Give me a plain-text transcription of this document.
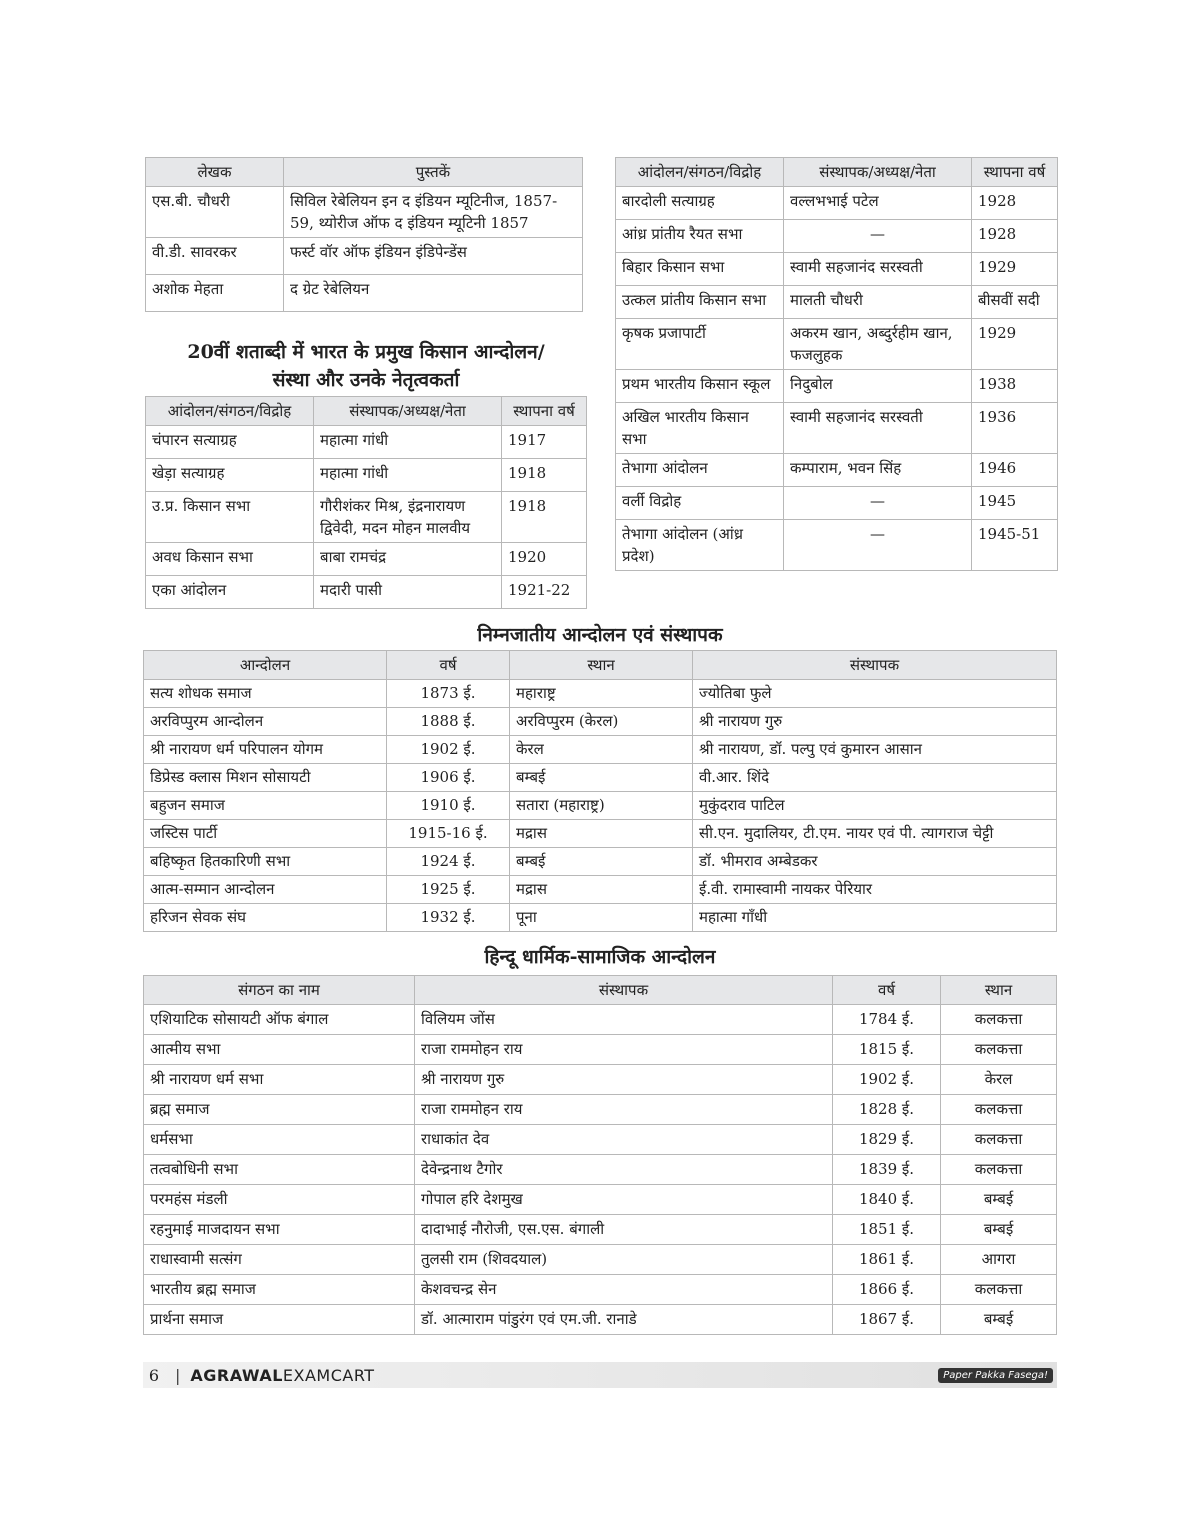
लेखक	पुस्तकें
एस.बी. चौधरी	सिविल रेबेलियन इन द इंडियन म्यूटिनीज, 1857-59, थ्योरीज ऑफ द इंडियन म्यूटिनी 1857
वी.डी. सावरकर	फर्स्ट वॉर ऑफ इंडियन इंडिपेन्डेंस
अशोक मेहता	द ग्रेट रेबेलियन
20वीं शताब्दी में भारत के प्रमुख किसान आन्दोलन/
संस्था और उनके नेतृत्वकर्ता
आंदोलन/संगठन/विद्रोह	संस्थापक/अध्यक्ष/नेता	स्थापना वर्ष
चंपारन सत्याग्रह	महात्मा गांधी	1917
खेड़ा सत्याग्रह	महात्मा गांधी	1918
उ.प्र. किसान सभा	गौरीशंकर मिश्र, इंद्रनारायण द्विवेदी, मदन मोहन मालवीय	1918
अवध किसान सभा	बाबा रामचंद्र	1920
एका आंदोलन	मदारी पासी	1921-22
आंदोलन/संगठन/विद्रोह	संस्थापक/अध्यक्ष/नेता	स्थापना वर्ष
बारदोली सत्याग्रह	वल्लभभाई पटेल	1928
आंध्र प्रांतीय रैयत सभा	—	1928
बिहार किसान सभा	स्वामी सहजानंद सरस्वती	1929
उत्कल प्रांतीय किसान सभा	मालती चौधरी	बीसवीं सदी
कृषक प्रजापार्टी	अकरम खान, अब्दुर्रहीम खान, फजलुहक	1929
प्रथम भारतीय किसान स्कूल	निदुबोल	1938
अखिल भारतीय किसान सभा	स्वामी सहजानंद सरस्वती	1936
तेभागा आंदोलन	कम्पाराम, भवन सिंह	1946
वर्ली विद्रोह	—	1945
तेभागा आंदोलन (आंध्र प्रदेश)	—	1945-51
निम्नजातीय आन्दोलन एवं संस्थापक
आन्दोलन	वर्ष	स्थान	संस्थापक
सत्य शोधक समाज	1873 ई.	महाराष्ट्र	ज्योतिबा फुले
अरविप्पुरम आन्दोलन	1888 ई.	अरविप्पुरम (केरल)	श्री नारायण गुरु
श्री नारायण धर्म परिपालन योगम	1902 ई.	केरल	श्री नारायण, डॉ. पल्पु एवं कुमारन आसान
डिप्रेस्ड क्लास मिशन सोसायटी	1906 ई.	बम्बई	वी.आर. शिंदे
बहुजन समाज	1910 ई.	सतारा (महाराष्ट्र)	मुकुंदराव पाटिल
जस्टिस पार्टी	1915-16 ई.	मद्रास	सी.एन. मुदालियर, टी.एम. नायर एवं पी. त्यागराज चेट्टी
बहिष्कृत हितकारिणी सभा	1924 ई.	बम्बई	डॉ. भीमराव अम्बेडकर
आत्म-सम्मान आन्दोलन	1925 ई.	मद्रास	ई.वी. रामास्वामी नायकर पेरियार
हरिजन सेवक संघ	1932 ई.	पूना	महात्मा गाँधी
हिन्दू धार्मिक-सामाजिक आन्दोलन
संगठन का नाम	संस्थापक	वर्ष	स्थान
एशियाटिक सोसायटी ऑफ बंगाल	विलियम जोंस	1784 ई.	कलकत्ता
आत्मीय सभा	राजा राममोहन राय	1815 ई.	कलकत्ता
श्री नारायण धर्म सभा	श्री नारायण गुरु	1902 ई.	केरल
ब्रह्म समाज	राजा राममोहन राय	1828 ई.	कलकत्ता
धर्मसभा	राधाकांत देव	1829 ई.	कलकत्ता
तत्वबोधिनी सभा	देवेन्द्रनाथ टैगोर	1839 ई.	कलकत्ता
परमहंस मंडली	गोपाल हरि देशमुख	1840 ई.	बम्बई
रहनुमाई माजदायन सभा	दादाभाई नौरोजी, एस.एस. बंगाली	1851 ई.	बम्बई
राधास्वामी सत्संग	तुलसी राम (शिवदयाल)	1861 ई.	आगरा
भारतीय ब्रह्म समाज	केशवचन्द्र सेन	1866 ई.	कलकत्ता
प्रार्थना समाज	डॉ. आत्माराम पांडुरंग एवं एम.जी. रानाडे	1867 ई.	बम्बई
6 | AGRAWAL EXAMCART	Paper Pakka Fasega!
